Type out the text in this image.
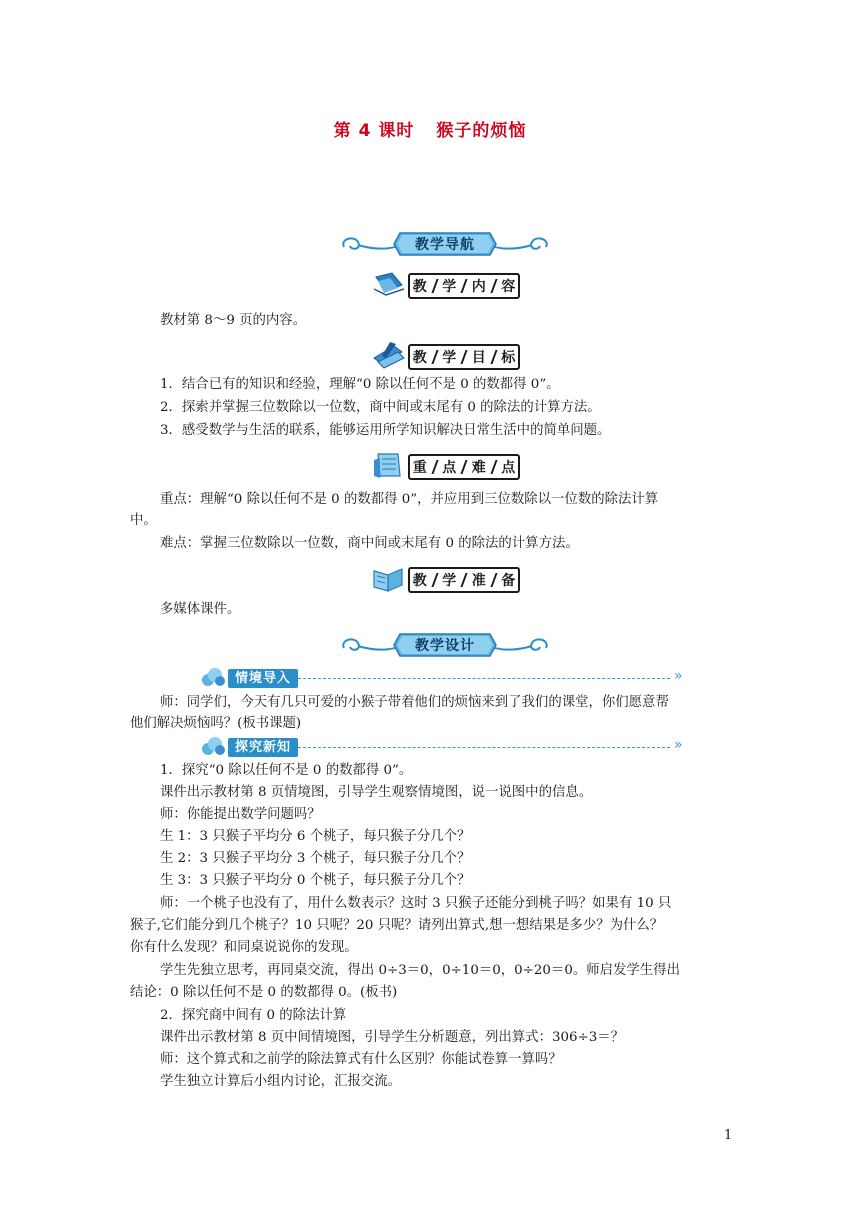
第 4 课时 猴子的烦恼
教学导航
教 学 内 容
教材第 8～9 页的内容。
教 学 目 标
1．结合已有的知识和经验，理解“0 除以任何不是 0 的数都得 0”。
2．探索并掌握三位数除以一位数，商中间或末尾有 0 的除法的计算方法。
3．感受数学与生活的联系，能够运用所学知识解决日常生活中的简单问题。
重 点 难 点
重点：理解“0 除以任何不是 0 的数都得 0”，并应用到三位数除以一位数的除法计算
中。
难点：掌握三位数除以一位数，商中间或末尾有 0 的除法的计算方法。
教 学 准 备
多媒体课件。
教学设计
情境导入	»
师：同学们，今天有几只可爱的小猴子带着他们的烦恼来到了我们的课堂，你们愿意帮
他们解决烦恼吗？(板书课题)
探究新知	»
1．探究“0 除以任何不是 0 的数都得 0”。
课件出示教材第 8 页情境图，引导学生观察情境图，说一说图中的信息。
师：你能提出数学问题吗？
生 1：3 只猴子平均分 6 个桃子，每只猴子分几个？
生 2：3 只猴子平均分 3 个桃子，每只猴子分几个？
生 3：3 只猴子平均分 0 个桃子，每只猴子分几个？
师：一个桃子也没有了，用什么数表示？这时 3 只猴子还能分到桃子吗？如果有 10 只
猴子,它们能分到几个桃子？10 只呢？20 只呢？请列出算式,想一想结果是多少？为什么？
你有什么发现？和同桌说说你的发现。
学生先独立思考，再同桌交流，得出 0÷3＝0，0÷10＝0，0÷20＝0。师启发学生得出
结论：0 除以任何不是 0 的数都得 0。(板书)
2．探究商中间有 0 的除法计算
课件出示教材第 8 页中间情境图，引导学生分析题意，列出算式：306÷3＝？
师：这个算式和之前学的除法算式有什么区别？你能试卷算一算吗？
学生独立计算后小组内讨论，汇报交流。
1
